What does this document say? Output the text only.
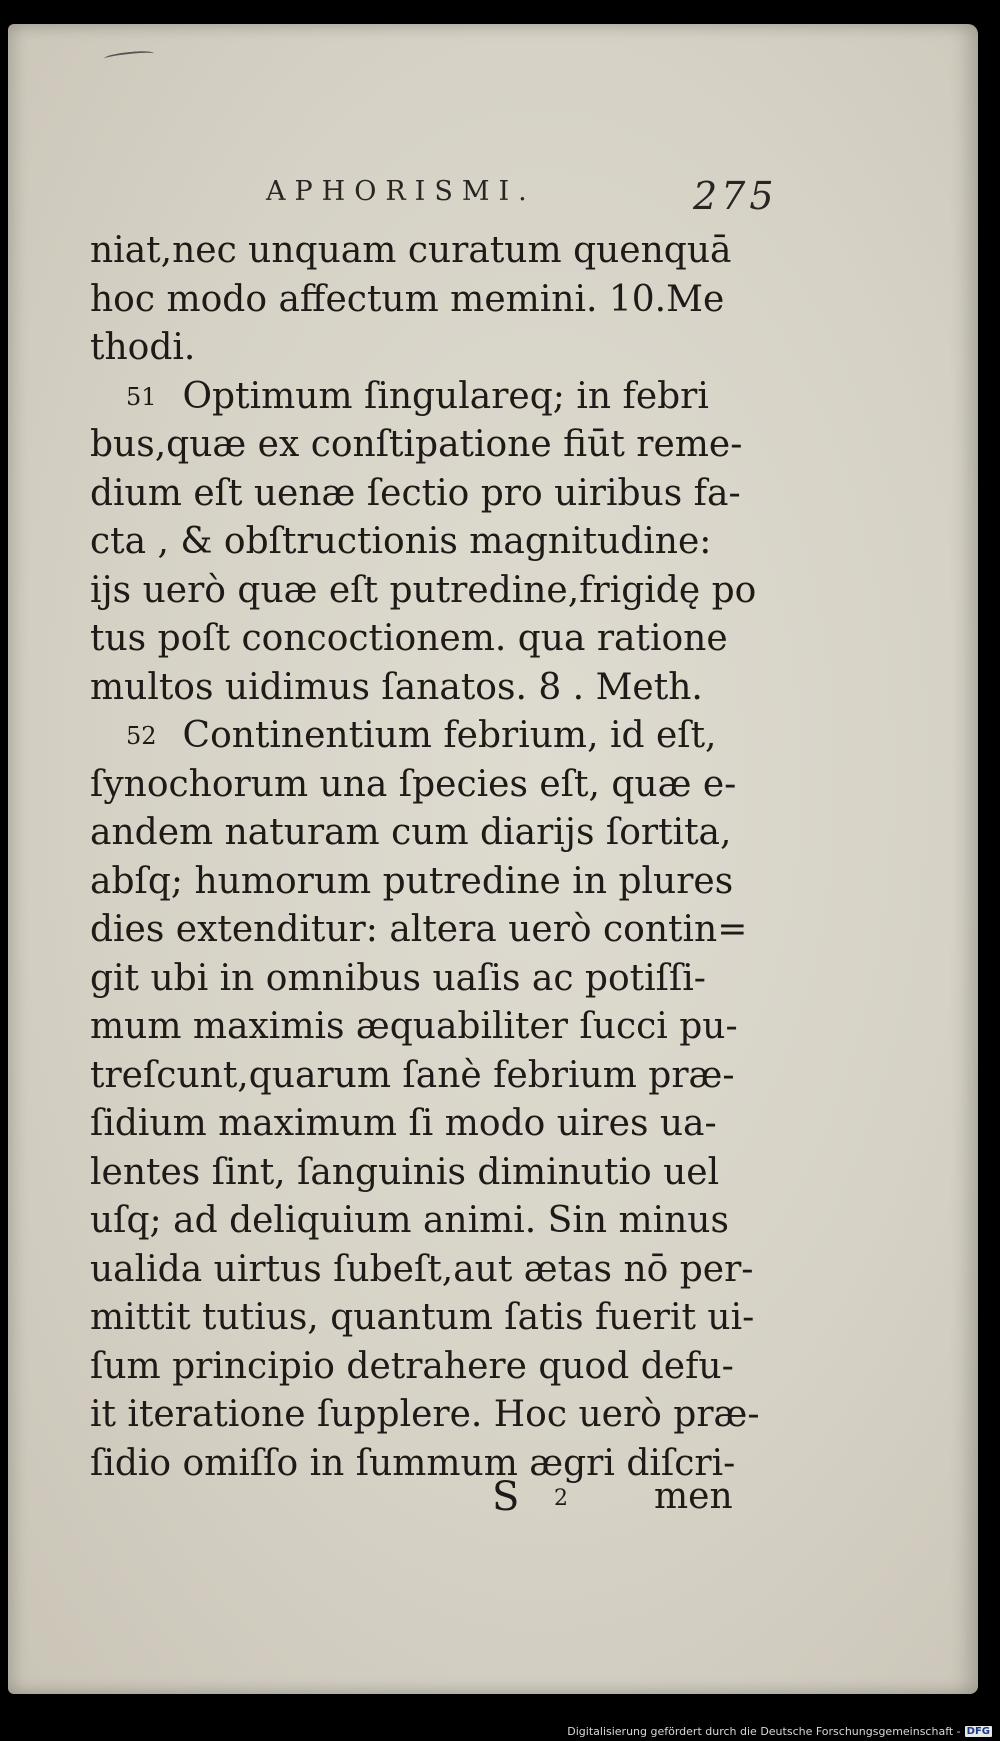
APHORISMI.	275
niat,nec unquam curatum quenquā
hoc modo affectum memini. 10.Me
thodi.
51 Optimum ſingulareq; in febri
bus,quæ ex conſtipatione fiūt reme-
dium eſt uenæ ſectio pro uiribus fa-
cta , & obſtructionis magnitudine:
ijs uerò quæ eſt putredine,frigidę po
tus poſt concoctionem. qua ratione
multos uidimus ſanatos. 8 . Meth.
52 Continentium febrium, id eſt,
ſynochorum una ſpecies eſt, quæ e-
andem naturam cum diarijs ſortita,
abſq; humorum putredine in plures
dies extenditur: altera uerò contin=
git ubi in omnibus uaſis ac potiſſi-
mum maximis æquabiliter ſucci pu-
treſcunt,quarum ſanè febrium præ-
ſidium maximum ſi modo uires ua-
lentes ſint, ſanguinis diminutio uel
uſq; ad deliquium animi. Sin minus
ualida uirtus ſubeſt,aut ætas nō per-
mittit tutius, quantum ſatis fuerit ui-
ſum principio detrahere quod defu-
it iteratione ſupplere. Hoc uerò præ-
ſidio omiſſo in ſummum ægri diſcri-
S 2 men
Digitalisierung gefördert durch die Deutsche Forschungsgemeinschaft - DFG
